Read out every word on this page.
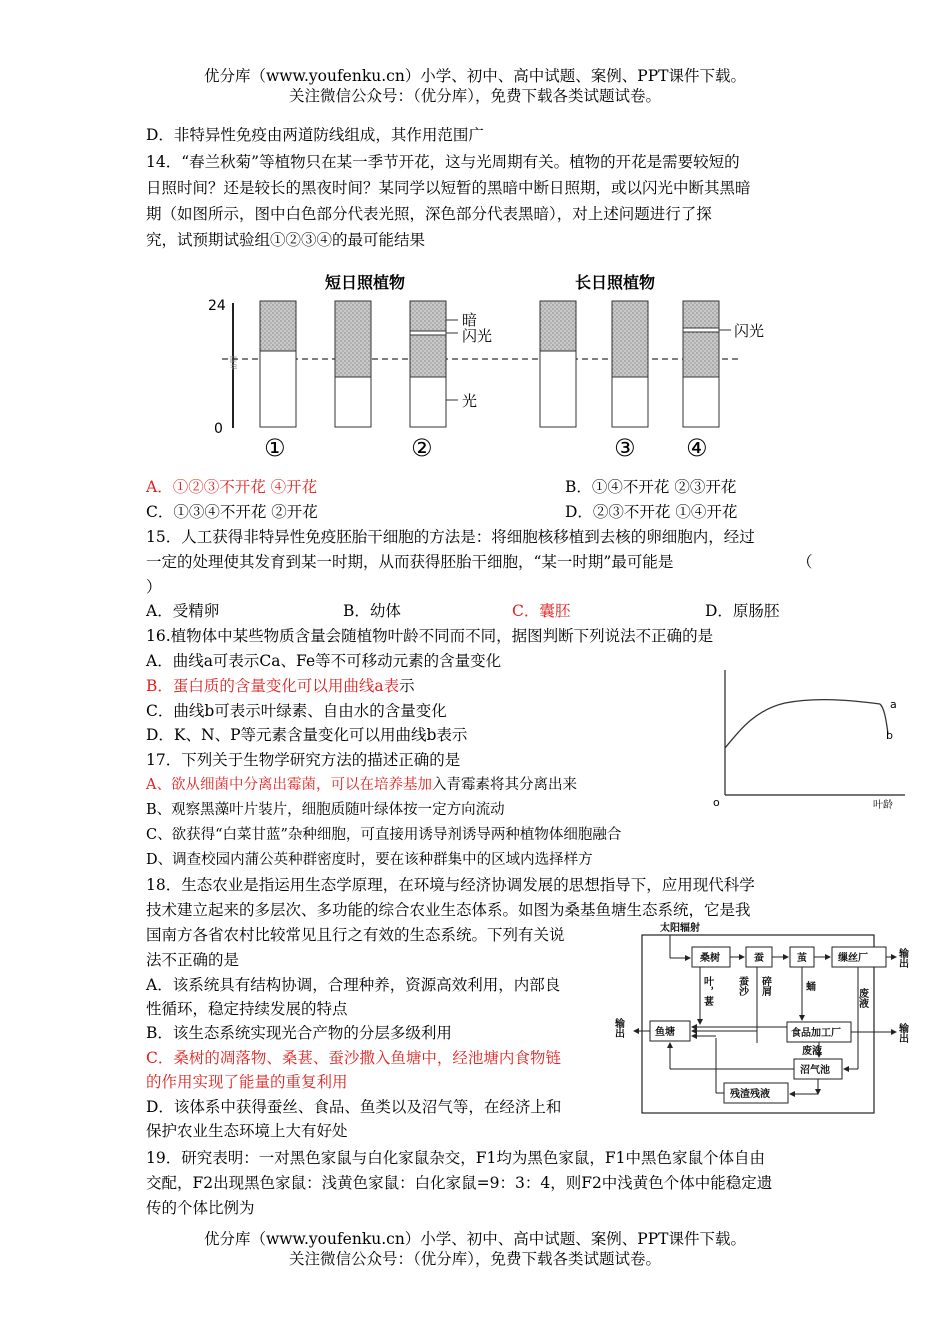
优分库（www.youfenku.cn）小学、初中、高中试题、案例、PPT课件下载。
关注微信公众号：（优分库），免费下载各类试题试卷。
D．非特异性免疫由两道防线组成，其作用范围广
14．“春兰秋菊”等植物只在某一季节开花，这与光周期有关。植物的开花是需要较短的
日照时间？还是较长的黑夜时间？某同学以短暂的黑暗中断日照期，或以闪光中断其黑暗
期（如图所示，图中白色部分代表光照，深色部分代表黑暗），对上述问题进行了探
究，试预期试验组①②③④的最可能结果
短日照植物	长日照植物
24
0
臨界
暗
闪光
光
闪光
①	②	③ ④
A．①②③不开花 ④开花	B．①④不开花 ②③开花
C．①③④不开花 ②开花	D．②③不开花 ①④开花
15．人工获得非特异性免疫胚胎干细胞的方法是：将细胞核移植到去核的卵细胞内，经过
一定的处理使其发育到某一时期，从而获得胚胎干细胞，“某一时期”最可能是	（
）
A．受精卵	B．幼体	C．囊胚	D．原肠胚
16.植物体中某些物质含量会随植物叶龄不同而不同，据图判断下列说法不正确的是
A．曲线a可表示Ca、Fe等不可移动元素的含量变化
B．蛋白质的含量变化可以用曲线a表示
C．曲线b可表示叶绿素、自由水的含量变化
D．K、N、P等元素含量变化可以用曲线b表示
a
b
o	叶龄
17．下列关于生物学研究方法的描述正确的是
A、欲从细菌中分离出霉菌，可以在培养基加入青霉素将其分离出来
B、观察黑藻叶片装片，细胞质随叶绿体按一定方向流动
C、欲获得“白菜甘蓝”杂种细胞，可直接用诱导剂诱导两种植物体细胞融合
D、调查校园内蒲公英种群密度时，要在该种群集中的区域内选择样方
18．生态农业是指运用生态学原理，在环境与经济协调发展的思想指导下，应用现代科学
技术建立起来的多层次、多功能的综合农业生态体系。如图为桑基鱼塘生态系统，它是我
国南方各省农村比较常见且行之有效的生态系统。下列有关说
法不正确的是
A．该系统具有结构协调，合理种养，资源高效利用，内部良
性循环，稳定持续发展的特点
B．该生态系统实现光合产物的分层多级利用
C．桑树的凋落物、桑葚、蚕沙撒入鱼塘中，经池塘内食物链
的作用实现了能量的重复利用
D．该体系中获得蚕丝、食品、鱼类以及沼气等，在经济上和
保护农业生态环境上大有好处
太阳辐射
桑树	蚕	茧	缫丝厂	输出
叶，葚 蚕沙 碎屑	蛹
废液
鱼塘
输出	食品加工厂	输出
废液
沼气池
残渣残液
19．研究表明：一对黑色家鼠与白化家鼠杂交，F1均为黑色家鼠，F1中黑色家鼠个体自由
交配，F2出现黑色家鼠：浅黄色家鼠：白化家鼠=9：3：4，则F2中浅黄色个体中能稳定遗
传的个体比例为
优分库（www.youfenku.cn）小学、初中、高中试题、案例、PPT课件下载。
关注微信公众号：（优分库），免费下载各类试题试卷。
